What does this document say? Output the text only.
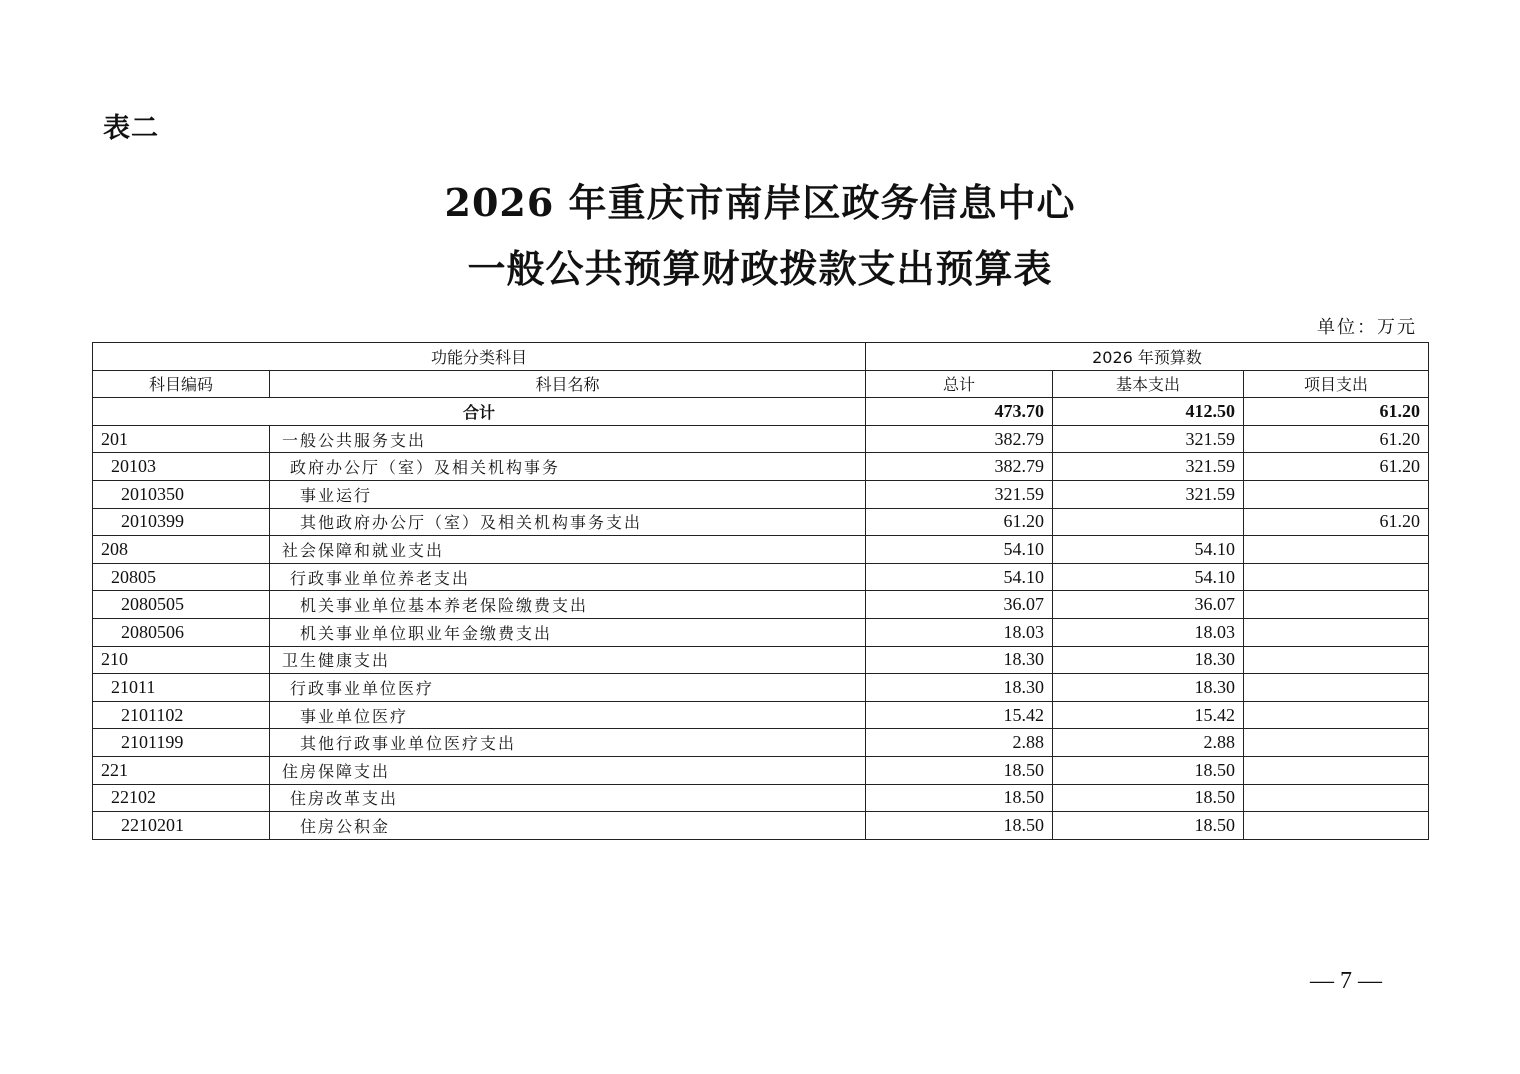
表二
2026 年重庆市南岸区政务信息中心
一般公共预算财政拨款支出预算表
单位：万元
功能分类科目		2026 年预算数		
科目编码	科目名称	总计	基本支出	项目支出
合计		473.70	412.50	61.20
201	一般公共服务支出	382.79	321.59	61.20
20103	政府办公厅（室）及相关机构事务	382.79	321.59	61.20
2010350	事业运行	321.59	321.59	
2010399	其他政府办公厅（室）及相关机构事务支出	61.20		61.20
208	社会保障和就业支出	54.10	54.10	
20805	行政事业单位养老支出	54.10	54.10	
2080505	机关事业单位基本养老保险缴费支出	36.07	36.07	
2080506	机关事业单位职业年金缴费支出	18.03	18.03	
210	卫生健康支出	18.30	18.30	
21011	行政事业单位医疗	18.30	18.30	
2101102	事业单位医疗	15.42	15.42	
2101199	其他行政事业单位医疗支出	2.88	2.88	
221	住房保障支出	18.50	18.50	
22102	住房改革支出	18.50	18.50	
2210201	住房公积金	18.50	18.50	
— 7 —
